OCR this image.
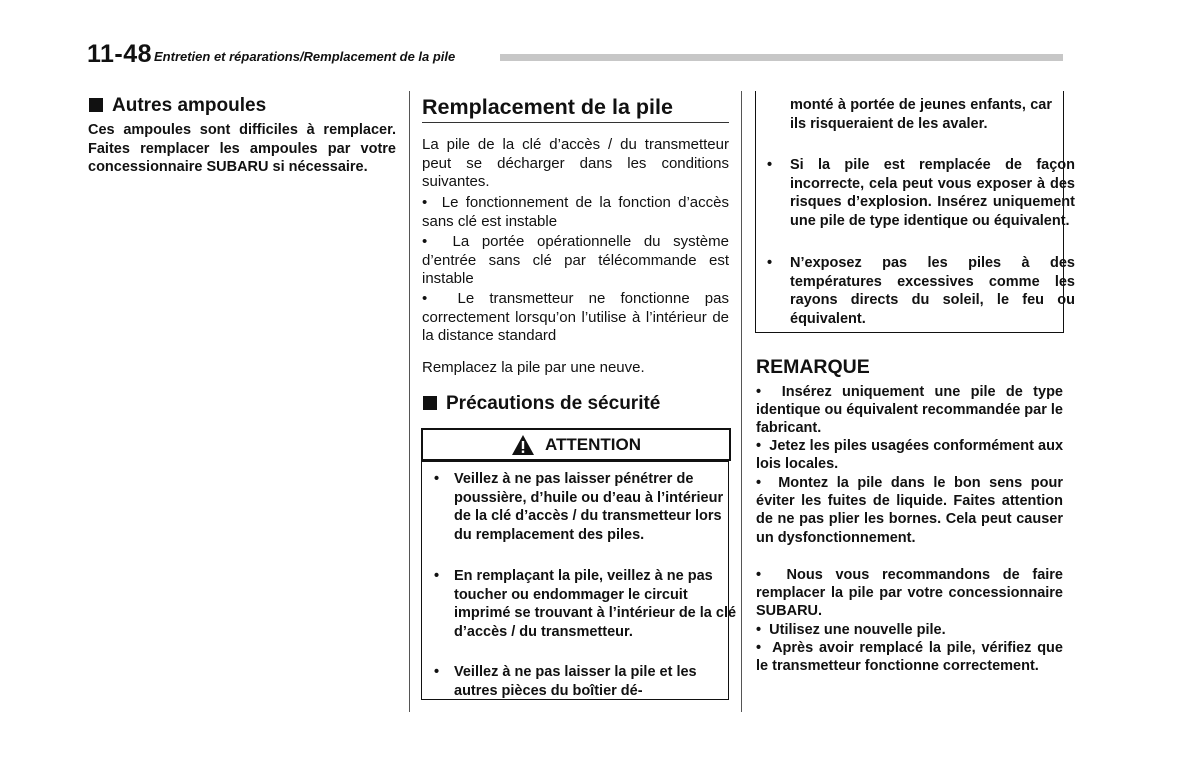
11-48 Entretien et réparations/Remplacement de la pile
Autres ampoules
Ces ampoules sont difficiles à remplacer. Faites remplacer les ampoules par votre concessionnaire SUBARU si nécessaire.
Remplacement de la pile
La pile de la clé d’accès / du transmetteur peut se décharger dans les conditions suivantes.
• Le fonctionnement de la fonction d’accès sans clé est instable
• La portée opérationnelle du système d’entrée sans clé par télécommande est instable
• Le transmetteur ne fonctionne pas correctement lorsqu’on l’utilise à l’intérieur de la distance standard
Remplacez la pile par une neuve.
Précautions de sécurité
ATTENTION
• Veillez à ne pas laisser pénétrer de poussière, d’huile ou d’eau à l’intérieur de la clé d’accès / du transmetteur lors du remplacement des piles.
• En remplaçant la pile, veillez à ne pas toucher ou endommager le circuit imprimé se trouvant à l’intérieur de la clé d’accès / du transmetteur.
• Veillez à ne pas laisser la pile et les autres pièces du boîtier dé-
monté à portée de jeunes enfants, car ils risqueraient de les avaler.
• Si la pile est remplacée de façon incorrecte, cela peut vous exposer à des risques d’explosion. Insérez uniquement une pile de type identique ou équivalent.
• N’exposez pas les piles à des températures excessives comme les rayons directs du soleil, le feu ou équivalent.
REMARQUE
• Insérez uniquement une pile de type identique ou équivalent recommandée par le fabricant.
• Jetez les piles usagées conformément aux lois locales.
• Montez la pile dans le bon sens pour éviter les fuites de liquide. Faites attention de ne pas plier les bornes. Cela peut causer un dysfonctionnement.
• Nous vous recommandons de faire remplacer la pile par votre concessionnaire SUBARU.
• Utilisez une nouvelle pile.
• Après avoir remplacé la pile, vérifiez que le transmetteur fonctionne correctement.
